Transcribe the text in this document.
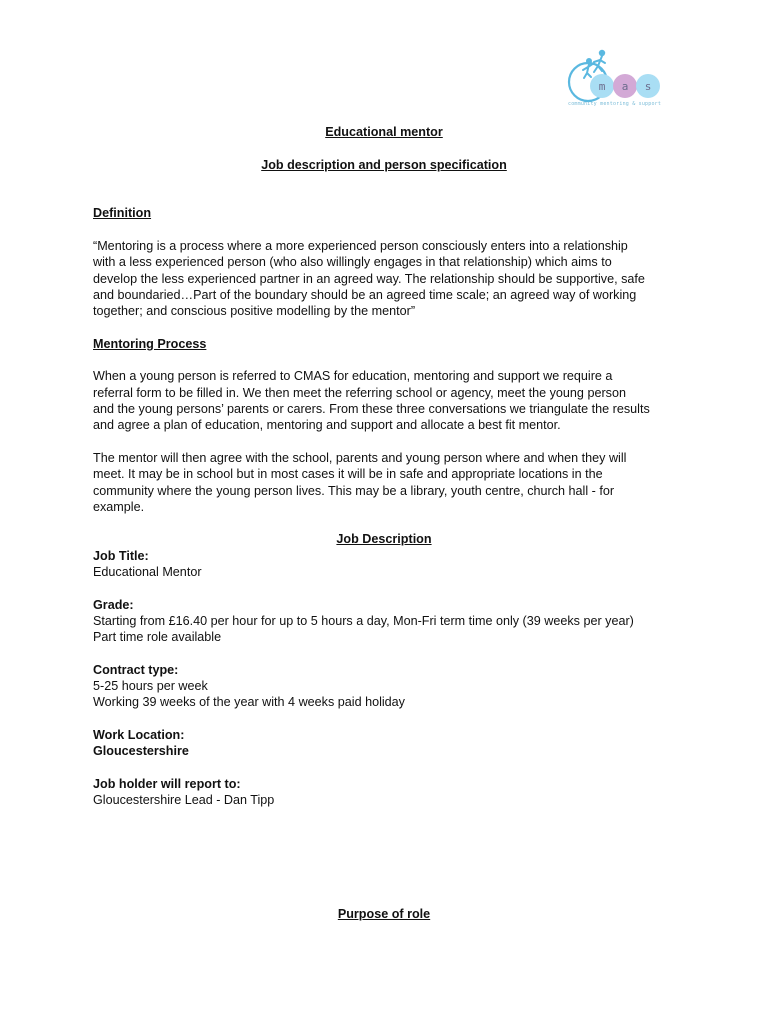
m a s
community mentoring & support

Educational mentor

Job description and person specification

Definition

“Mentoring is a process where a more experienced person consciously enters into a relationship

with a less experienced person (who also willingly engages in that relationship) which aims to

develop the less experienced partner in an agreed way. The relationship should be supportive, safe

and boundaried…Part of the boundary should be an agreed time scale; an agreed way of working

together; and conscious positive modelling by the mentor”

Mentoring Process

When a young person is referred to CMAS for education, mentoring and support we require a

referral form to be filled in. We then meet the referring school or agency, meet the young person

and the young persons’ parents or carers. From these three conversations we triangulate the results

and agree a plan of education, mentoring and support and allocate a best fit mentor.

The mentor will then agree with the school, parents and young person where and when they will

meet. It may be in school but in most cases it will be in safe and appropriate locations in the

community where the young person lives. This may be a library, youth centre, church hall - for

example.

Job Description

Job Title:

Educational Mentor

Grade:

Starting from £16.40 per hour for up to 5 hours a day, Mon-Fri term time only (39 weeks per year)

Part time role available

Contract type:

5-25 hours per week

Working 39 weeks of the year with 4 weeks paid holiday

Work Location:

Gloucestershire

Job holder will report to:

Gloucestershire Lead - Dan Tipp

Purpose of role
